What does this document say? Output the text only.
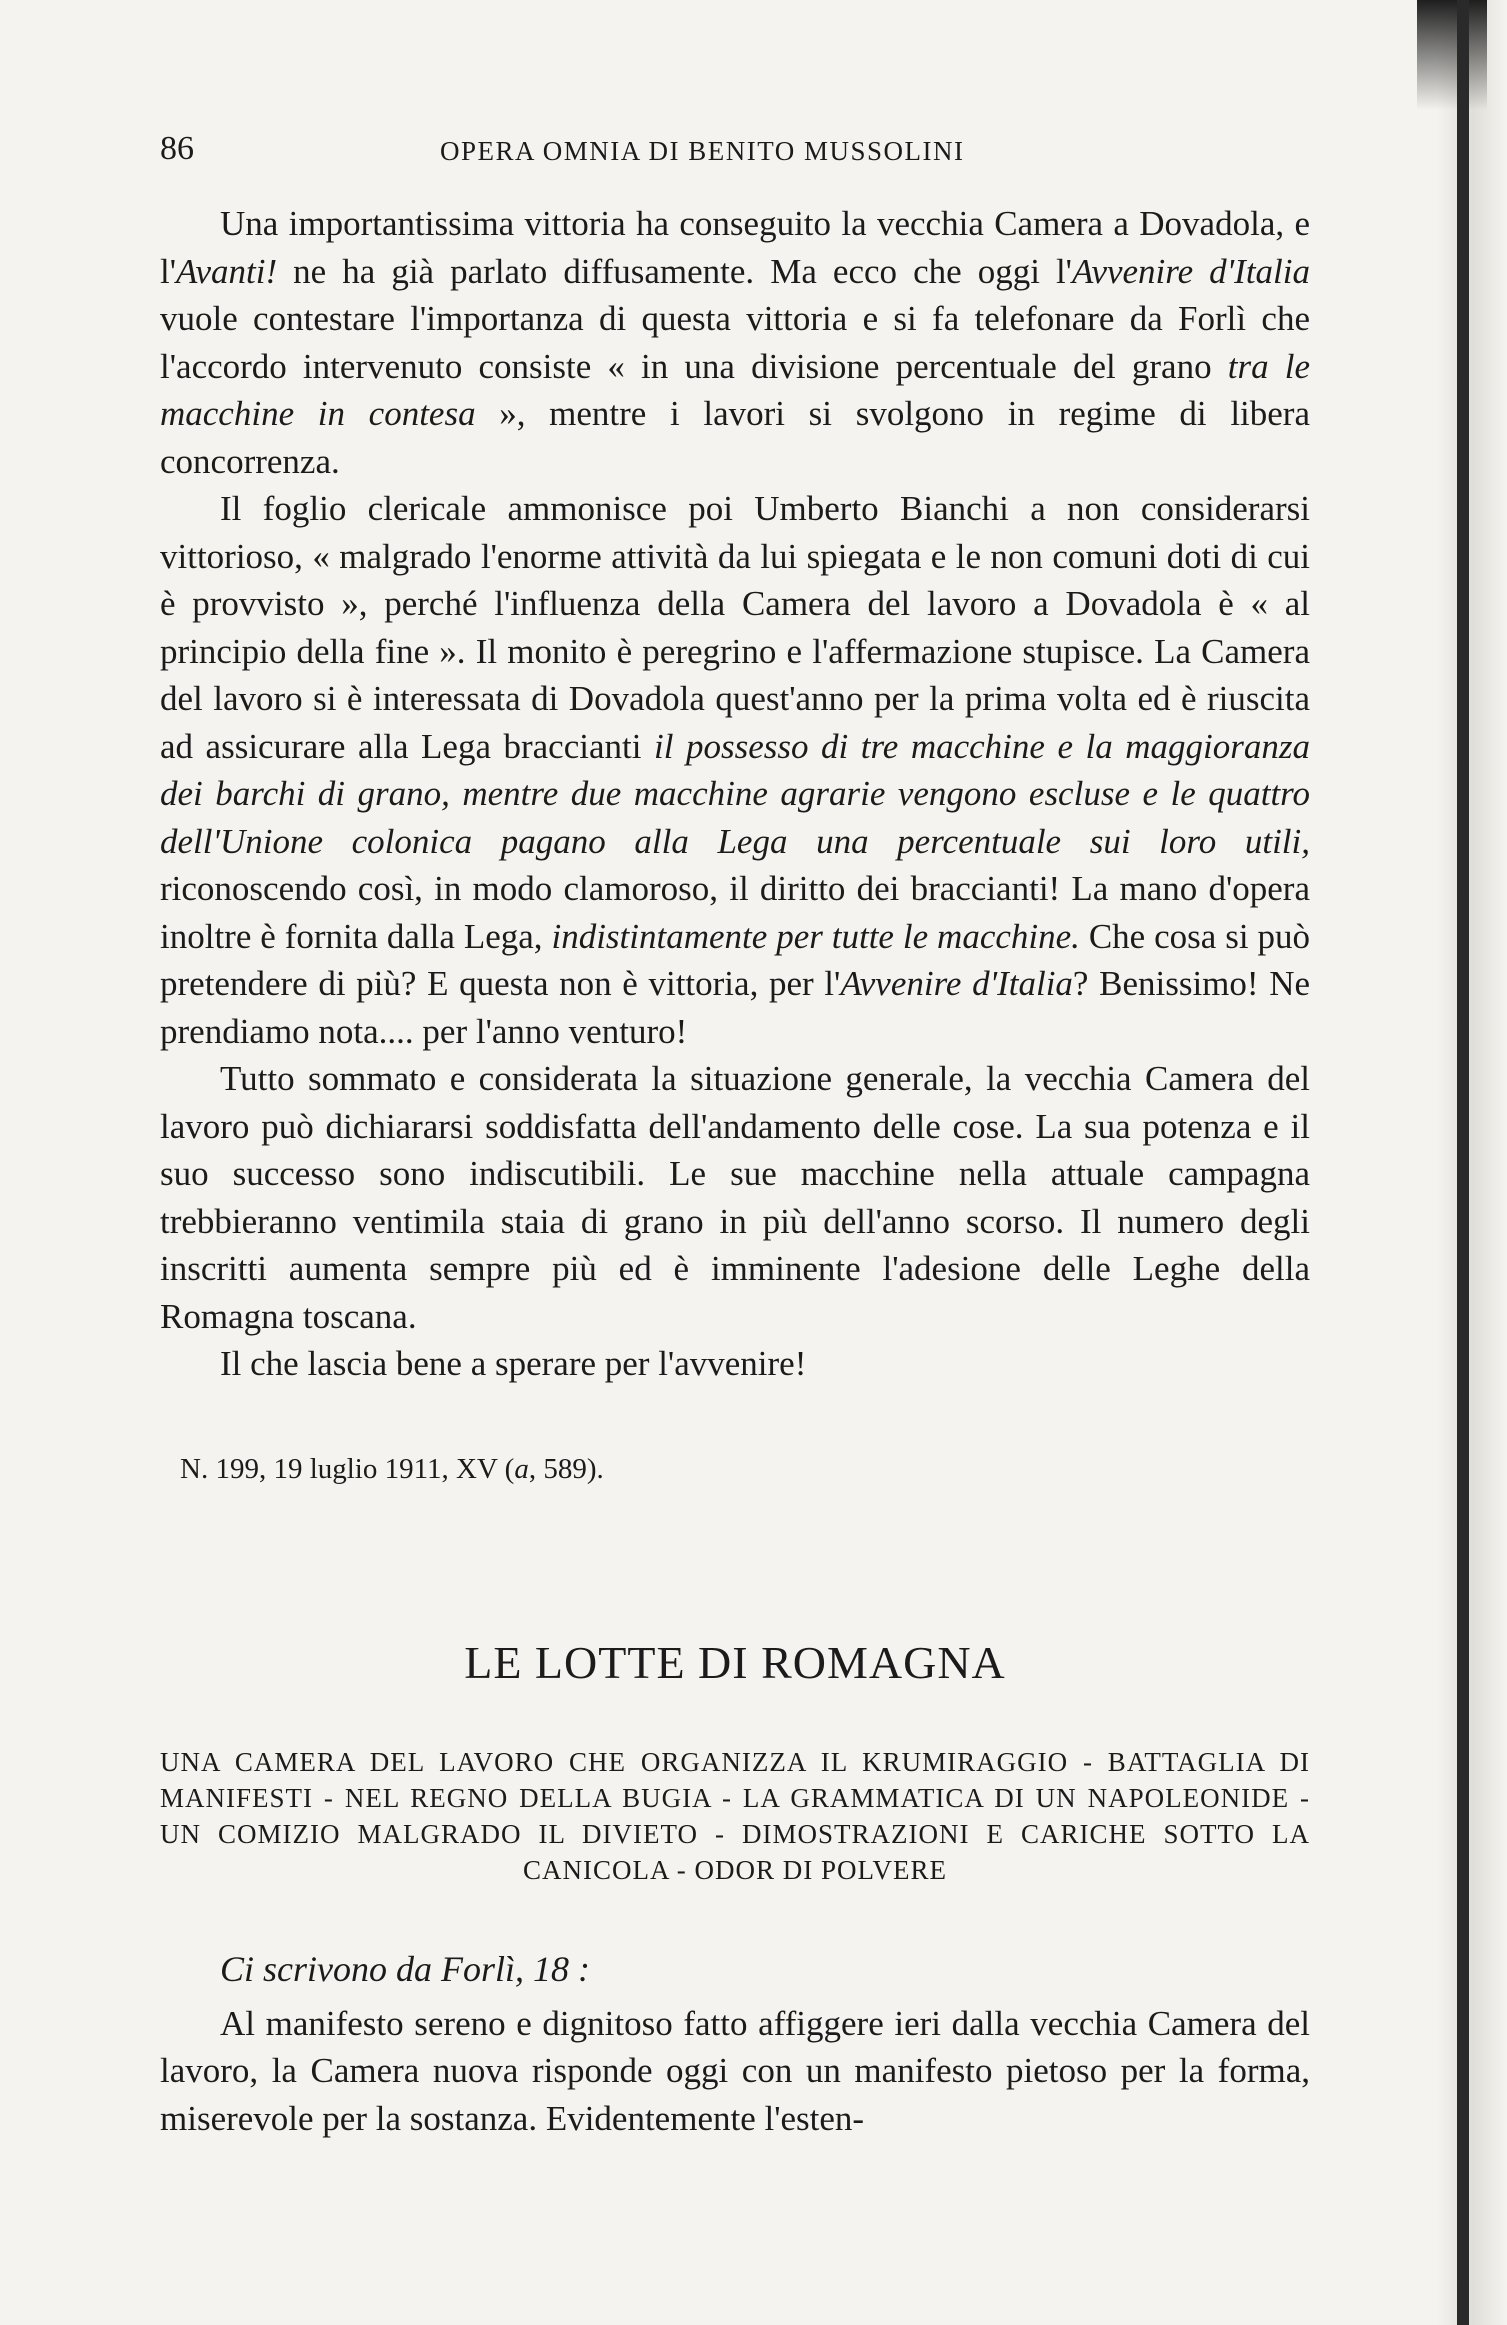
86	OPERA OMNIA DI BENITO MUSSOLINI

Una importantissima vittoria ha conseguito la vecchia Camera a Dovadola, e l'Avanti! ne ha già parlato diffusamente. Ma ecco che oggi l'Avvenire d'Italia vuole contestare l'importanza di questa vittoria e si fa telefonare da Forlì che l'accordo intervenuto consiste « in una divisione percentuale del grano tra le macchine in contesa », mentre i lavori si svolgono in regime di libera concorrenza.

Il foglio clericale ammonisce poi Umberto Bianchi a non considerarsi vittorioso, « malgrado l'enorme attività da lui spiegata e le non comuni doti di cui è provvisto », perché l'influenza della Camera del lavoro a Dovadola è « al principio della fine ». Il monito è peregrino e l'affermazione stupisce. La Camera del lavoro si è interessata di Dovadola quest'anno per la prima volta ed è riuscita ad assicurare alla Lega braccianti il possesso di tre macchine e la maggioranza dei barchi di grano, mentre due macchine agrarie vengono escluse e le quattro dell'Unione colonica pagano alla Lega una percentuale sui loro utili, riconoscendo così, in modo clamoroso, il diritto dei braccianti! La mano d'opera inoltre è fornita dalla Lega, indistintamente per tutte le macchine. Che cosa si può pretendere di più? E questa non è vittoria, per l'Avvenire d'Italia? Benissimo! Ne prendiamo nota.... per l'anno venturo!

Tutto sommato e considerata la situazione generale, la vecchia Camera del lavoro può dichiararsi soddisfatta dell'andamento delle cose. La sua potenza e il suo successo sono indiscutibili. Le sue macchine nella attuale campagna trebbieranno ventimila staia di grano in più dell'anno scorso. Il numero degli inscritti aumenta sempre più ed è imminente l'adesione delle Leghe della Romagna toscana.

Il che lascia bene a sperare per l'avvenire!

N. 199, 19 luglio 1911, XV (a, 589).
LE LOTTE DI ROMAGNA
UNA CAMERA DEL LAVORO CHE ORGANIZZA IL KRUMIRAGGIO - BATTAGLIA DI MANIFESTI - NEL REGNO DELLA BUGIA - LA GRAMMATICA DI UN NAPOLEONIDE - UN COMIZIO MALGRADO IL DIVIETO - DIMOSTRAZIONI E CARICHE SOTTO LA CANICOLA - ODOR DI POLVERE
Ci scrivono da Forlì, 18 :

Al manifesto sereno e dignitoso fatto affiggere ieri dalla vecchia Camera del lavoro, la Camera nuova risponde oggi con un manifesto pietoso per la forma, miserevole per la sostanza. Evidentemente l'esten-
